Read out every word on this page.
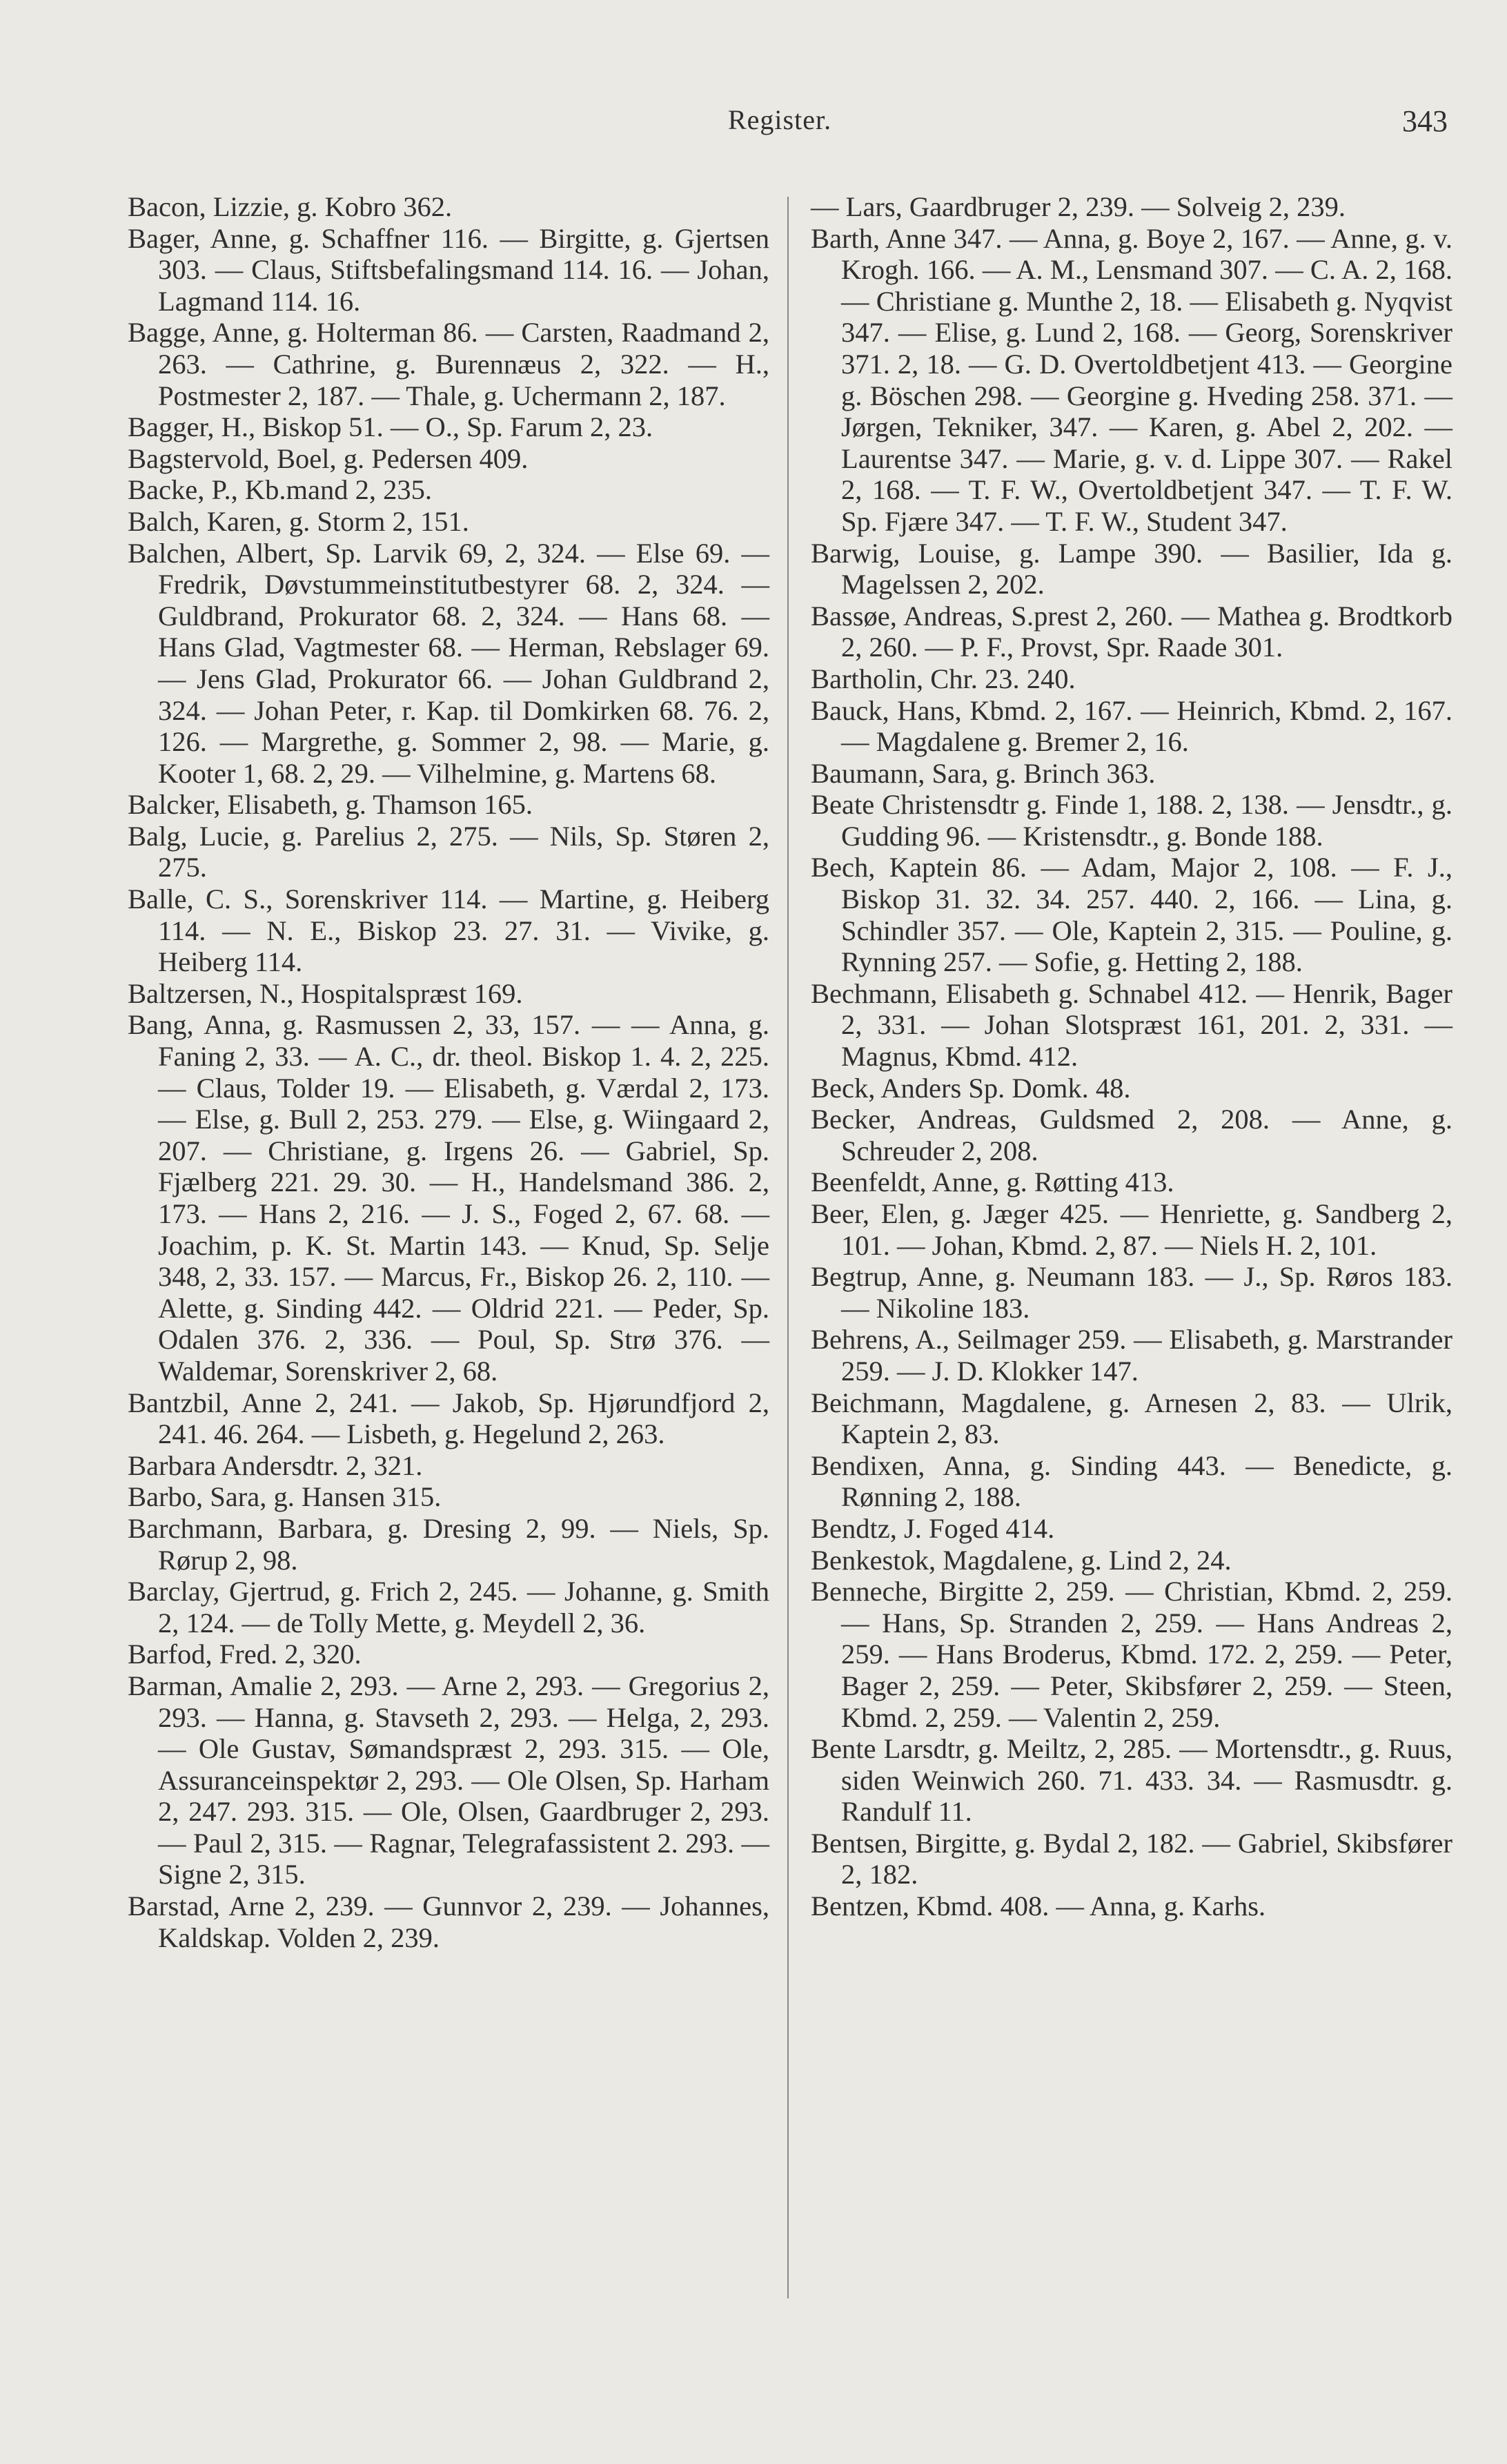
Register.	343
Bacon, Lizzie, g. Kobro 362.
Bager, Anne, g. Schaffner 116. — Birgitte, g. Gjertsen 303. — Claus, Stiftsbefalingsmand 114. 16. — Johan, Lagmand 114. 16.
Bagge, Anne, g. Holterman 86. — Carsten, Raadmand 2, 263. — Cathrine, g. Burennæus 2, 322. — H., Postmester 2, 187. — Thale, g. Uchermann 2, 187.
Bagger, H., Biskop 51. — O., Sp. Farum 2, 23.
Bagstervold, Boel, g. Pedersen 409.
Backe, P., Kb.mand 2, 235.
Balch, Karen, g. Storm 2, 151.
Balchen, Albert, Sp. Larvik 69, 2, 324. — Else 69. — Fredrik, Døvstummeinstitutbestyrer 68. 2, 324. — Guldbrand, Prokurator 68. 2, 324. — Hans 68. — Hans Glad, Vagtmester 68. — Herman, Rebslager 69. — Jens Glad, Prokurator 66. — Johan Guldbrand 2, 324. — Johan Peter, r. Kap. til Domkirken 68. 76. 2, 126. — Margrethe, g. Sommer 2, 98. — Marie, g. Kooter 1, 68. 2, 29. — Vilhelmine, g. Martens 68.
Balcker, Elisabeth, g. Thamson 165.
Balg, Lucie, g. Parelius 2, 275. — Nils, Sp. Støren 2, 275.
Balle, C. S., Sorenskriver 114. — Martine, g. Heiberg 114. — N. E., Biskop 23. 27. 31. — Vivike, g. Heiberg 114.
Baltzersen, N., Hospitalspræst 169.
Bang, Anna, g. Rasmussen 2, 33, 157. — — Anna, g. Faning 2, 33. — A. C., dr. theol. Biskop 1. 4. 2, 225. — Claus, Tolder 19. — Elisabeth, g. Værdal 2, 173. — Else, g. Bull 2, 253. 279. — Else, g. Wiingaard 2, 207. — Christiane, g. Irgens 26. — Gabriel, Sp. Fjælberg 221. 29. 30. — H., Handelsmand 386. 2, 173. — Hans 2, 216. — J. S., Foged 2, 67. 68. — Joachim, p. K. St. Martin 143. — Knud, Sp. Selje 348, 2, 33. 157. — Marcus, Fr., Biskop 26. 2, 110. — Alette, g. Sinding 442. — Oldrid 221. — Peder, Sp. Odalen 376. 2, 336. — Poul, Sp. Strø 376. — Waldemar, Sorenskriver 2, 68.
Bantzbil, Anne 2, 241. — Jakob, Sp. Hjørundfjord 2, 241. 46. 264. — Lisbeth, g. Hegelund 2, 263.
Barbara Andersdtr. 2, 321.
Barbo, Sara, g. Hansen 315.
Barchmann, Barbara, g. Dresing 2, 99. — Niels, Sp. Rørup 2, 98.
Barclay, Gjertrud, g. Frich 2, 245. — Johanne, g. Smith 2, 124. — de Tolly Mette, g. Meydell 2, 36.
Barfod, Fred. 2, 320.
Barman, Amalie 2, 293. — Arne 2, 293. — Gregorius 2, 293. — Hanna, g. Stavseth 2, 293. — Helga, 2, 293. — Ole Gustav, Sømandspræst 2, 293. 315. — Ole, Assuranceinspektør 2, 293. — Ole Olsen, Sp. Harham 2, 247. 293. 315. — Ole, Olsen, Gaardbruger 2, 293. — Paul 2, 315. — Ragnar, Telegrafassistent 2. 293. — Signe 2, 315.
Barstad, Arne 2, 239. — Gunnvor 2, 239. — Johannes, Kaldskap. Volden 2, 239.
— Lars, Gaardbruger 2, 239. — Solveig 2, 239.
Barth, Anne 347. — Anna, g. Boye 2, 167. — Anne, g. v. Krogh. 166. — A. M., Lensmand 307. — C. A. 2, 168. — Christiane g. Munthe 2, 18. — Elisabeth g. Nyqvist 347. — Elise, g. Lund 2, 168. — Georg, Sorenskriver 371. 2, 18. — G. D. Overtoldbetjent 413. — Georgine g. Böschen 298. — Georgine g. Hveding 258. 371. — Jørgen, Tekniker, 347. — Karen, g. Abel 2, 202. — Laurentse 347. — Marie, g. v. d. Lippe 307. — Rakel 2, 168. — T. F. W., Overtoldbetjent 347. — T. F. W. Sp. Fjære 347. — T. F. W., Student 347.
Barwig, Louise, g. Lampe 390. — Basilier, Ida g. Magelssen 2, 202.
Bassøe, Andreas, S.prest 2, 260. — Mathea g. Brodtkorb 2, 260. — P. F., Provst, Spr. Raade 301.
Bartholin, Chr. 23. 240.
Bauck, Hans, Kbmd. 2, 167. — Heinrich, Kbmd. 2, 167. — Magdalene g. Bremer 2, 16.
Baumann, Sara, g. Brinch 363.
Beate Christensdtr g. Finde 1, 188. 2, 138. — Jensdtr., g. Gudding 96. — Kristensdtr., g. Bonde 188.
Bech, Kaptein 86. — Adam, Major 2, 108. — F. J., Biskop 31. 32. 34. 257. 440. 2, 166. — Lina, g. Schindler 357. — Ole, Kaptein 2, 315. — Pouline, g. Rynning 257. — Sofie, g. Hetting 2, 188.
Bechmann, Elisabeth g. Schnabel 412. — Henrik, Bager 2, 331. — Johan Slotspræst 161, 201. 2, 331. — Magnus, Kbmd. 412.
Beck, Anders Sp. Domk. 48.
Becker, Andreas, Guldsmed 2, 208. — Anne, g. Schreuder 2, 208.
Beenfeldt, Anne, g. Røtting 413.
Beer, Elen, g. Jæger 425. — Henriette, g. Sandberg 2, 101. — Johan, Kbmd. 2, 87. — Niels H. 2, 101.
Begtrup, Anne, g. Neumann 183. — J., Sp. Røros 183. — Nikoline 183.
Behrens, A., Seilmager 259. — Elisabeth, g. Marstrander 259. — J. D. Klokker 147.
Beichmann, Magdalene, g. Arnesen 2, 83. — Ulrik, Kaptein 2, 83.
Bendixen, Anna, g. Sinding 443. — Benedicte, g. Rønning 2, 188.
Bendtz, J. Foged 414.
Benkestok, Magdalene, g. Lind 2, 24.
Benneche, Birgitte 2, 259. — Christian, Kbmd. 2, 259. — Hans, Sp. Stranden 2, 259. — Hans Andreas 2, 259. — Hans Broderus, Kbmd. 172. 2, 259. — Peter, Bager 2, 259. — Peter, Skibsfører 2, 259. — Steen, Kbmd. 2, 259. — Valentin 2, 259.
Bente Larsdtr, g. Meiltz, 2, 285. — Mortensdtr., g. Ruus, siden Weinwich 260. 71. 433. 34. — Rasmusdtr. g. Randulf 11.
Bentsen, Birgitte, g. Bydal 2, 182. — Gabriel, Skibsfører 2, 182.
Bentzen, Kbmd. 408. — Anna, g. Karhs.
